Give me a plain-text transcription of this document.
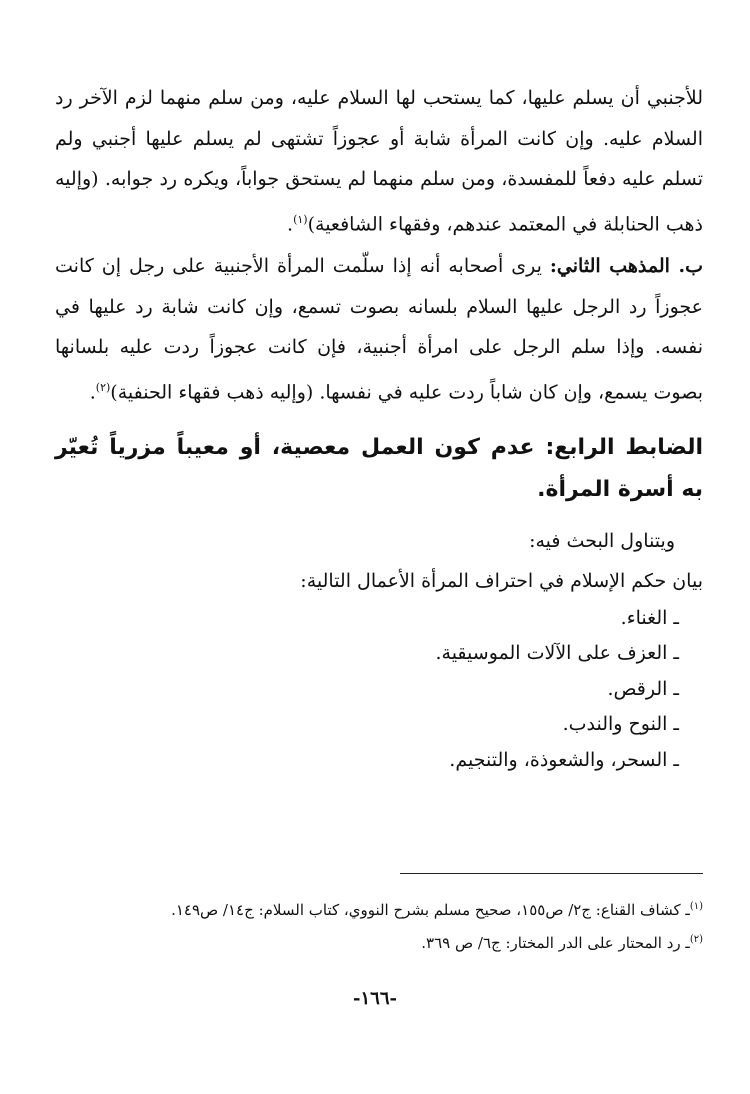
للأجنبي أن يسلم عليها، كما يستحب لها السلام عليه، ومن سلم منهما لزم الآخر رد السلام عليه. وإن كانت المرأة شابة أو عجوزاً تشتهى لم يسلم عليها أجنبي ولم تسلم عليه دفعاً للمفسدة، ومن سلم منهما لم يستحق جواباً، ويكره رد جوابه. (وإليه ذهب الحنابلة في المعتمد عندهم، وفقهاء الشافعية)$^{(١)}$.

ب. المذهب الثاني: يرى أصحابه أنه إذا سلّمت المرأة الأجنبية على رجل إن كانت عجوزاً رد الرجل عليها السلام بلسانه بصوت تسمع، وإن كانت شابة رد عليها في نفسه. وإذا سلم الرجل على امرأة أجنبية، فإن كانت عجوزاً ردت عليه بلسانها بصوت يسمع، وإن كان شاباً ردت عليه في نفسها. (وإليه ذهب فقهاء الحنفية)$^{(٢)}$.

الضابط الرابع: عدم كون العمل معصية، أو معيباً مزرياً تُعيّر به أسرة المرأة.

ويتناول البحث فيه:

بيان حكم الإسلام في احتراف المرأة الأعمال التالية:

ـ الغناء.
ـ العزف على الآلات الموسيقية.
ـ الرقص.
ـ النوح والندب.
ـ السحر، والشعوذة، والتنجيم.

$^{(١)}$ـ كشاف القناع: ج٢/ ص١٥٥، صحيح مسلم بشرح النووي، كتاب السلام: ج١٤/ ص١٤٩.

$^{(٢)}$ـ رد المحتار على الدر المختار: ج٦/ ص ٣٦٩.

-١٦٦-
